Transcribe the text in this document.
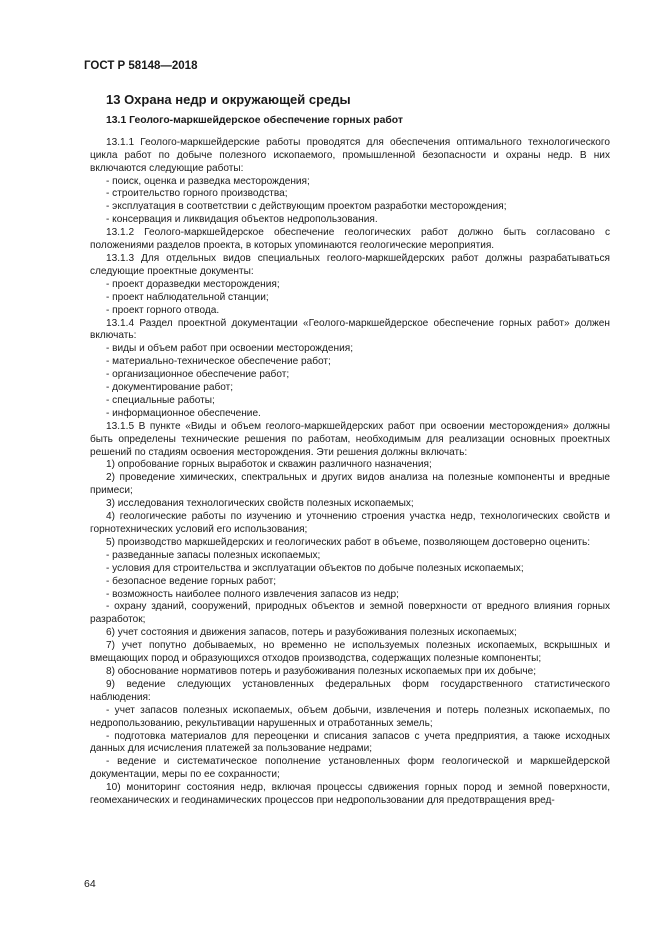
ГОСТ Р 58148—2018
13 Охрана недр и окружающей среды
13.1 Геолого-маркшейдерское обеспечение горных работ
13.1.1 Геолого-маркшейдерские работы проводятся для обеспечения оптимального технологического цикла работ по добыче полезного ископаемого, промышленной безопасности и охраны недр. В них включаются следующие работы:
- поиск, оценка и разведка месторождения;
- строительство горного производства;
- эксплуатация в соответствии с действующим проектом разработки месторождения;
- консервация и ликвидация объектов недропользования.
13.1.2 Геолого-маркшейдерское обеспечение геологических работ должно быть согласовано с положениями разделов проекта, в которых упоминаются геологические мероприятия.
13.1.3 Для отдельных видов специальных геолого-маркшейдерских работ должны разрабатываться следующие проектные документы:
- проект доразведки месторождения;
- проект наблюдательной станции;
- проект горного отвода.
13.1.4 Раздел проектной документации «Геолого-маркшейдерское обеспечение горных работ» должен включать:
- виды и объем работ при освоении месторождения;
- материально-техническое обеспечение работ;
- организационное обеспечение работ;
- документирование работ;
- специальные работы;
- информационное обеспечение.
13.1.5 В пункте «Виды и объем геолого-маркшейдерских работ при освоении месторождения» должны быть определены технические решения по работам, необходимым для реализации основных проектных решений по стадиям освоения месторождения. Эти решения должны включать:
1) опробование горных выработок и скважин различного назначения;
2) проведение химических, спектральных и других видов анализа на полезные компоненты и вредные примеси;
3) исследования технологических свойств полезных ископаемых;
4) геологические работы по изучению и уточнению строения участка недр, технологических свойств и горнотехнических условий его использования;
5) производство маркшейдерских и геологических работ в объеме, позволяющем достоверно оценить:
- разведанные запасы полезных ископаемых;
- условия для строительства и эксплуатации объектов по добыче полезных ископаемых;
- безопасное ведение горных работ;
- возможность наиболее полного извлечения запасов из недр;
- охрану зданий, сооружений, природных объектов и земной поверхности от вредного влияния горных разработок;
6) учет состояния и движения запасов, потерь и разубоживания полезных ископаемых;
7) учет попутно добываемых, но временно не используемых полезных ископаемых, вскрышных и вмещающих пород и образующихся отходов производства, содержащих полезные компоненты;
8) обоснование нормативов потерь и разубоживания полезных ископаемых при их добыче;
9) ведение следующих установленных федеральных форм государственного статистического наблюдения:
- учет запасов полезных ископаемых, объем добычи, извлечения и потерь полезных ископаемых, по недропользованию, рекультивации нарушенных и отработанных земель;
- подготовка материалов для переоценки и списания запасов с учета предприятия, а также исходных данных для исчисления платежей за пользование недрами;
- ведение и систематическое пополнение установленных форм геологической и маркшейдерской документации, меры по ее сохранности;
10) мониторинг состояния недр, включая процессы сдвижения горных пород и земной поверхности, геомеханических и геодинамических процессов при недропользовании для предотвращения вред-
64
